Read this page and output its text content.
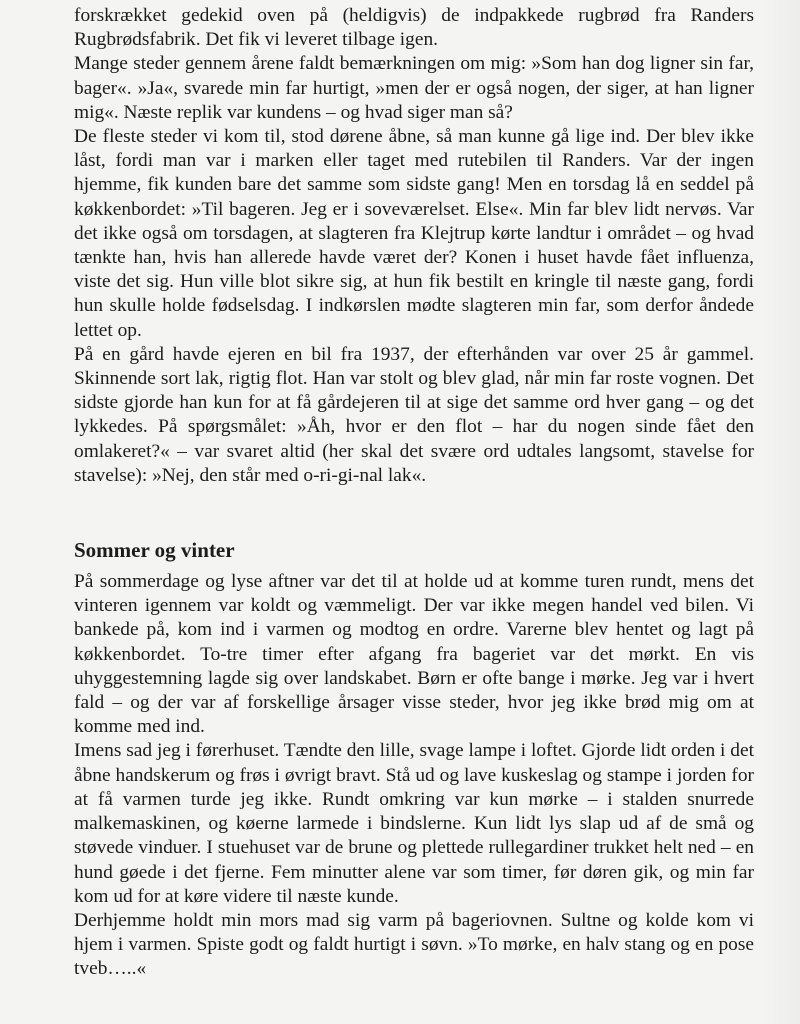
forskrækket gedekid oven på (heldigvis) de indpakkede rugbrød fra Randers Rugbrødsfabrik. Det fik vi leveret tilbage igen.

Mange steder gennem årene faldt bemærkningen om mig: »Som han dog ligner sin far, bager«. »Ja«, svarede min far hurtigt, »men der er også nogen, der siger, at han ligner mig«. Næste replik var kundens – og hvad siger man så?

De fleste steder vi kom til, stod dørene åbne, så man kunne gå lige ind. Der blev ikke låst, fordi man var i marken eller taget med rutebilen til Randers. Var der ingen hjemme, fik kunden bare det samme som sidste gang! Men en torsdag lå en seddel på køkkenbordet: »Til bageren. Jeg er i soveværelset. Else«. Min far blev lidt nervøs. Var det ikke også om torsdagen, at slagteren fra Klejtrup kørte landtur i området – og hvad tænkte han, hvis han allerede havde været der? Konen i huset havde fået influenza, viste det sig. Hun ville blot sikre sig, at hun fik bestilt en kringle til næste gang, fordi hun skulle holde fødselsdag. I indkørslen mødte slagteren min far, som derfor åndede lettet op.

På en gård havde ejeren en bil fra 1937, der efterhånden var over 25 år gammel. Skinnende sort lak, rigtig flot. Han var stolt og blev glad, når min far roste vognen. Det sidste gjorde han kun for at få gårdejeren til at sige det samme ord hver gang – og det lykkedes. På spørgsmålet: »Åh, hvor er den flot – har du nogen sinde fået den omlakeret?« – var svaret altid (her skal det svære ord udtales langsomt, stavelse for stavelse): »Nej, den står med o-ri-gi-nal lak«.

Sommer og vinter

På sommerdage og lyse aftner var det til at holde ud at komme turen rundt, mens det vinteren igennem var koldt og væmmeligt. Der var ikke megen handel ved bilen. Vi bankede på, kom ind i varmen og modtog en ordre. Varerne blev hentet og lagt på køkkenbordet. To-tre timer efter afgang fra bageriet var det mørkt. En vis uhyggestemning lagde sig over landskabet. Børn er ofte bange i mørke. Jeg var i hvert fald – og der var af forskellige årsager visse steder, hvor jeg ikke brød mig om at komme med ind.

Imens sad jeg i førerhuset. Tændte den lille, svage lampe i loftet. Gjorde lidt orden i det åbne handskerum og frøs i øvrigt bravt. Stå ud og lave kuskeslag og stampe i jorden for at få varmen turde jeg ikke. Rundt omkring var kun mørke – i stalden snurrede malkemaskinen, og køerne larmede i bindslerne. Kun lidt lys slap ud af de små og støvede vinduer. I stuehuset var de brune og plettede rullegardiner trukket helt ned – en hund gøede i det fjerne. Fem minutter alene var som timer, før døren gik, og min far kom ud for at køre videre til næste kunde.

Derhjemme holdt min mors mad sig varm på bageriovnen. Sultne og kolde kom vi hjem i varmen. Spiste godt og faldt hurtigt i søvn. »To mørke, en halv stang og en pose tveb…..«
